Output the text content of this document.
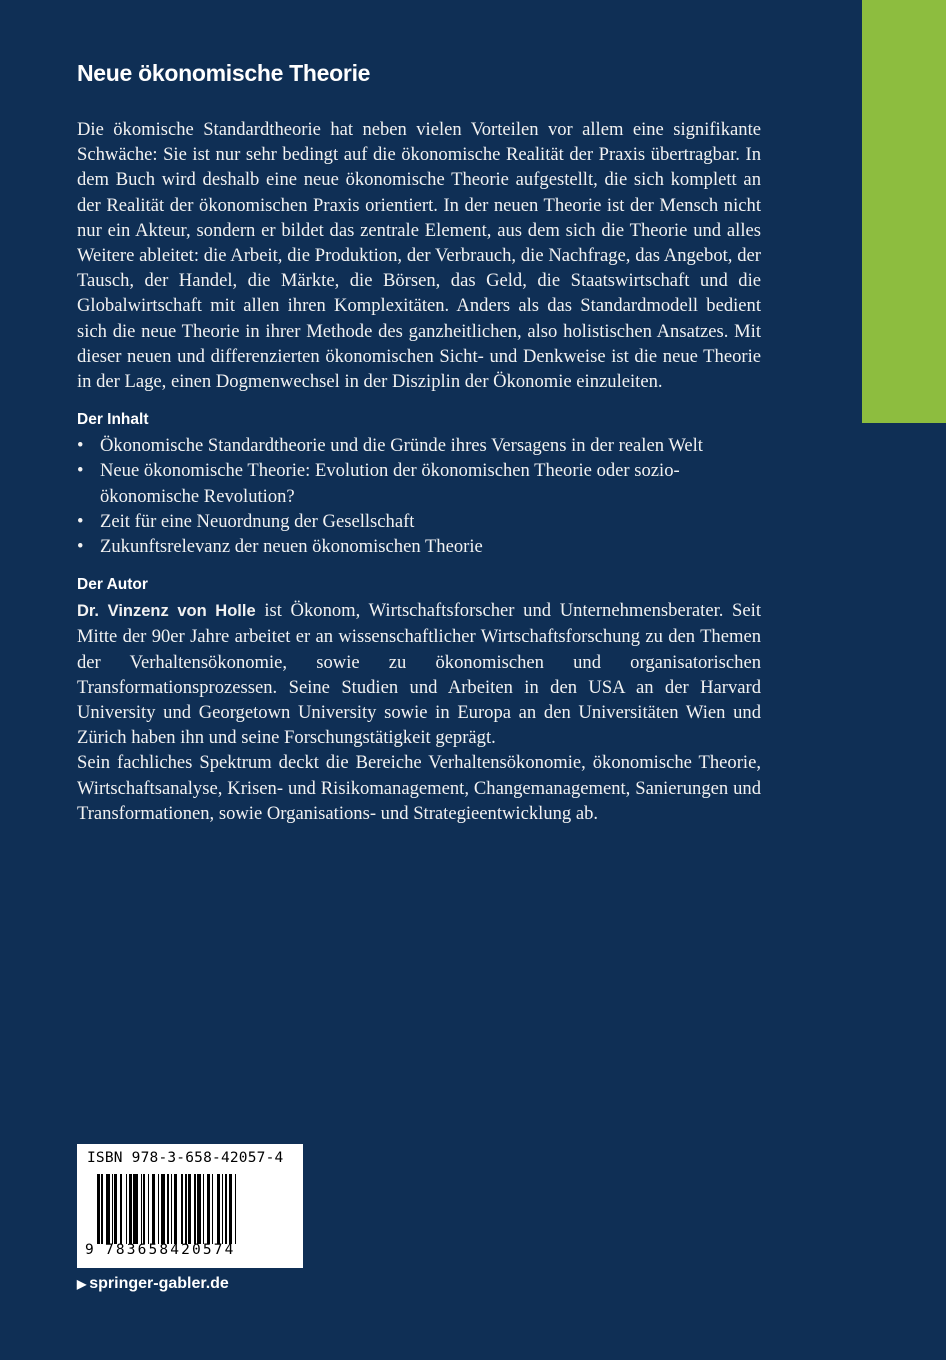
Neue ökonomische Theorie

Die ökomische Standardtheorie hat neben vielen Vorteilen vor allem eine signifikante Schwäche: Sie ist nur sehr bedingt auf die ökonomische Realität der Praxis übertragbar. In dem Buch wird deshalb eine neue ökonomische Theorie aufgestellt, die sich komplett an der Realität der ökonomischen Praxis orientiert. In der neuen Theorie ist der Mensch nicht nur ein Akteur, sondern er bildet das zentrale Element, aus dem sich die Theorie und alles Weitere ableitet: die Arbeit, die Produktion, der Verbrauch, die Nachfrage, das Angebot, der Tausch, der Handel, die Märkte, die Börsen, das Geld, die Staatswirtschaft und die Globalwirtschaft mit allen ihren Komplexitäten. Anders als das Standardmodell bedient sich die neue Theorie in ihrer Methode des ganzheitlichen, also holistischen Ansatzes. Mit dieser neuen und differenzierten ökonomischen Sicht- und Denkweise ist die neue Theorie in der Lage, einen Dogmenwechsel in der Disziplin der Ökonomie einzuleiten.

Der Inhalt
• Ökonomische Standardtheorie und die Gründe ihres Versagens in der realen Welt
• Neue ökonomische Theorie: Evolution der ökonomischen Theorie oder sozio-ökonomische Revolution?
• Zeit für eine Neuordnung der Gesellschaft
• Zukunftsrelevanz der neuen ökonomischen Theorie
Der Autor

Dr. Vinzenz von Holle ist Ökonom, Wirtschaftsforscher und Unternehmensberater. Seit Mitte der 90er Jahre arbeitet er an wissenschaftlicher Wirtschaftsforschung zu den Themen der Verhaltensökonomie, sowie zu ökonomischen und organisatorischen Transformationsprozessen. Seine Studien und Arbeiten in den USA an der Harvard University und Georgetown University sowie in Europa an den Universitäten Wien und Zürich haben ihn und seine Forschungstätigkeit geprägt.

Sein fachliches Spektrum deckt die Bereiche Verhaltensökonomie, ökonomische Theorie, Wirtschaftsanalyse, Krisen- und Risikomanagement, Changemanagement, Sanierungen und Transformationen, sowie Organisations- und Strategieentwicklung ab.

ISBN 978-3-658-42057-4
9 783658420574
▶ springer-gabler.de
